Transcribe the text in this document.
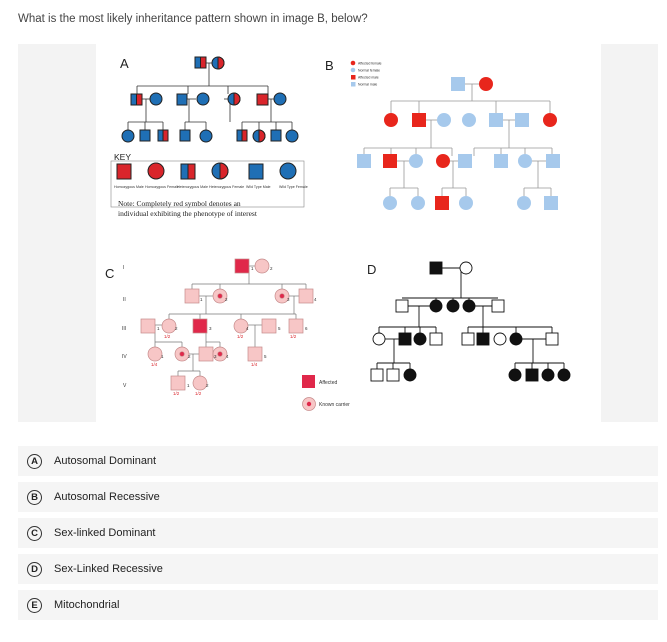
What is the most likely inheritance pattern shown in image B, below?
A
KEY
Homozygous Male Homozygous Female
Heterozygous Male Heterozygous Female Wild Type Male Wild Type Female
Note: Completely red symbol denotes an
individual exhibiting the phenotype of interest
B	Affected female
Normal female
Affected male
Normal male
C I
II
III
IV
V
1	2
1	2	3	4
1	2	3	4	5	6
1	2	3 4	5
1	2
1/2	1/2	1/2
1/4	1/4
1/2	1/2
Affected
Known carrier
D
A	Autosomal Dominant
B	Autosomal Recessive
C	Sex-linked Dominant
D	Sex-Linked Recessive
E	Mitochondrial
